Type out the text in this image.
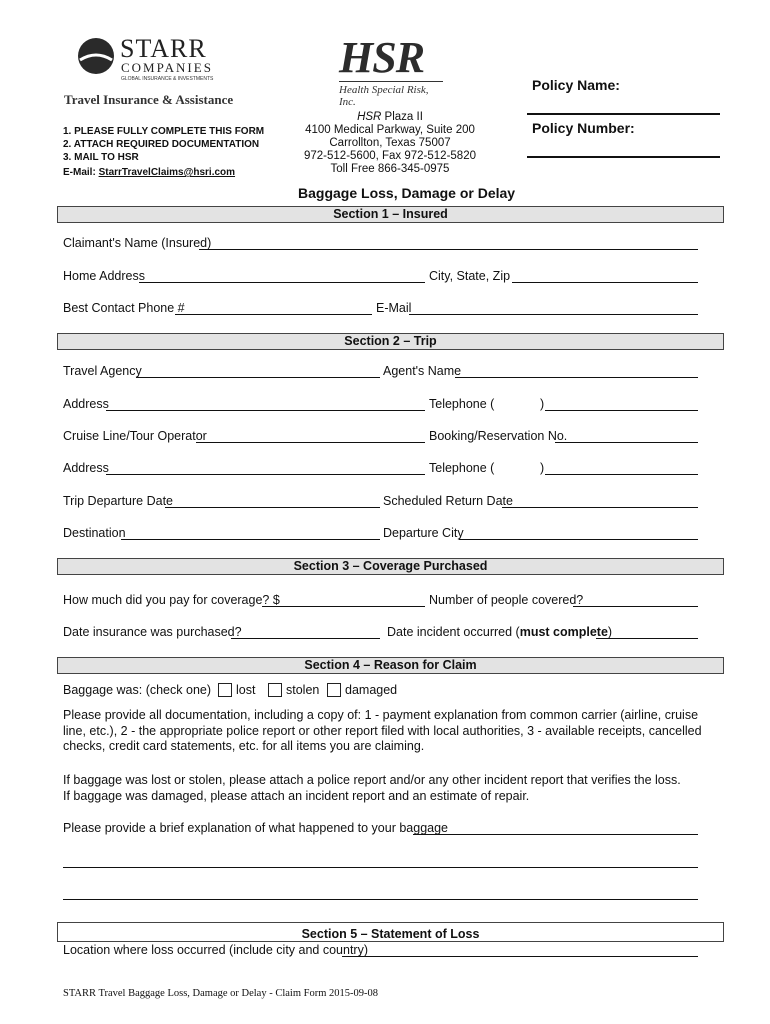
STARR
COMPANIES
GLOBAL INSURANCE & INVESTMENTS
Travel Insurance & Assistance
HSR
Health Special Risk, Inc.
1. PLEASE FULLY COMPLETE THIS FORM
2. ATTACH REQUIRED DOCUMENTATION
3. MAIL TO HSR
E-Mail: StarrTravelClaims@hsri.com
HSR Plaza II
4100 Medical Parkway, Suite 200
Carrollton, Texas 75007
972-512-5600, Fax 972-512-5820
Toll Free 866-345-0975
Policy Name:
Policy Number:
Baggage Loss, Damage or Delay
Section 1 – Insured
Claimant's Name (Insured)
Home Address	City, State, Zip
Best Contact Phone #	E-Mail
Section 2 – Trip
Travel Agency	Agent's Name
Address	Telephone (	)
Cruise Line/Tour Operator	Booking/Reservation No.
Address	Telephone (	)
Trip Departure Date	Scheduled Return Date
Destination	Departure City
Section 3 – Coverage Purchased
How much did you pay for coverage? $	Number of people covered?
Date insurance was purchased?	Date incident occurred (must complete)
Section 4 – Reason for Claim
Baggage was: (check one) lost stolen damaged
Please provide all documentation, including a copy of: 1 - payment explanation from common carrier (airline, cruise line, etc.), 2 - the appropriate police report or other report filed with local authorities, 3 - available receipts, cancelled checks, credit card statements, etc. for all items you are claiming.
If baggage was lost or stolen, please attach a police report and/or any other incident report that verifies the loss.
If baggage was damaged, please attach an incident report and an estimate of repair.
Please provide a brief explanation of what happened to your baggage
Section 5 – Statement of Loss
Location where loss occurred (include city and country)
STARR Travel Baggage Loss, Damage or Delay - Claim Form 2015-09-08
